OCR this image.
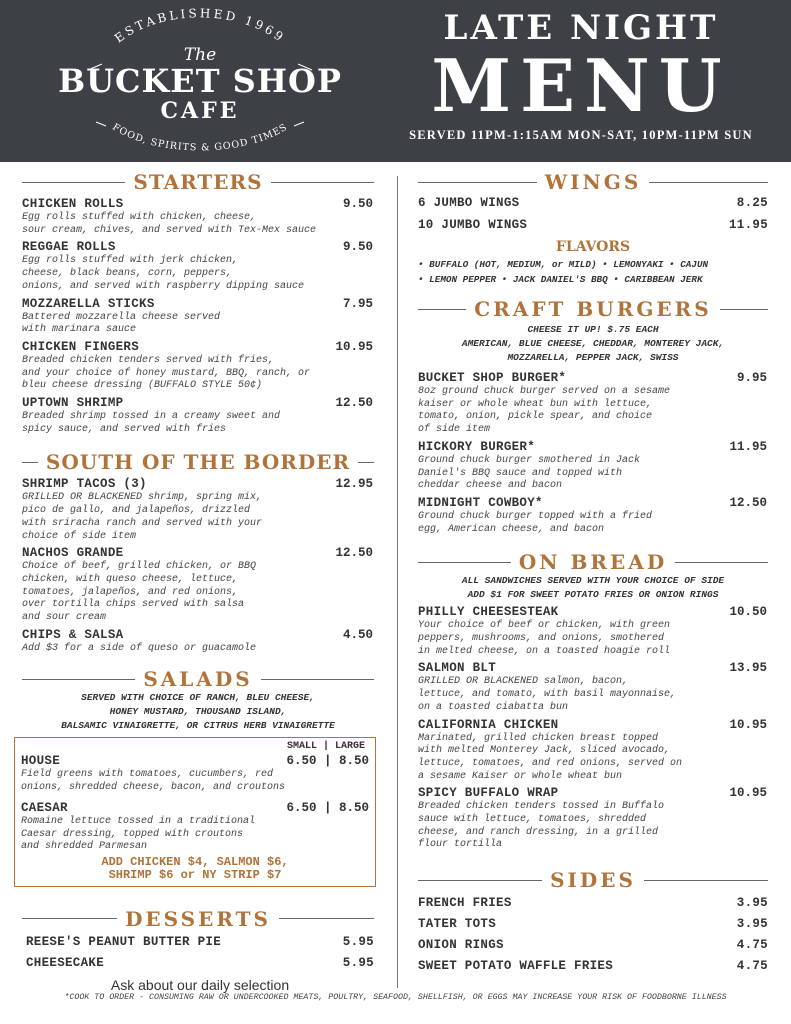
ESTABLISHED 1969
The
BUCKET SHOP
CAFE
FOOD, SPIRITS & GOOD TIMES
LATE NIGHT
MENU
SERVED 11PM-1:15AM MON-SAT, 10PM-11PM SUN
STARTERS
CHICKEN ROLLS	9.50
Egg rolls stuffed with chicken, cheese,
sour cream, chives, and served with Tex-Mex sauce
REGGAE ROLLS	9.50
Egg rolls stuffed with jerk chicken,
cheese, black beans, corn, peppers,
onions, and served with raspberry dipping sauce
MOZZARELLA STICKS	7.95
Battered mozzarella cheese served
with marinara sauce
CHICKEN FINGERS	10.95
Breaded chicken tenders served with fries,
and your choice of honey mustard, BBQ, ranch, or
bleu cheese dressing (BUFFALO STYLE 50¢)
UPTOWN SHRIMP	12.50
Breaded shrimp tossed in a creamy sweet and
spicy sauce, and served with fries
SOUTH OF THE BORDER
SHRIMP TACOS (3)	12.95
GRILLED OR BLACKENED shrimp, spring mix,
pico de gallo, and jalapeños, drizzled
with sriracha ranch and served with your
choice of side item
NACHOS GRANDE	12.50
Choice of beef, grilled chicken, or BBQ
chicken, with queso cheese, lettuce,
tomatoes, jalapeños, and red onions,
over tortilla chips served with salsa
and sour cream
CHIPS & SALSA	4.50
Add $3 for a side of queso or guacamole
SALADS
SERVED WITH CHOICE OF RANCH, BLEU CHEESE,
HONEY MUSTARD, THOUSAND ISLAND,
BALSAMIC VINAIGRETTE, OR CITRUS HERB VINAIGRETTE
SMALL | LARGE
HOUSE	6.50 | 8.50
Field greens with tomatoes, cucumbers, red
onions, shredded cheese, bacon, and croutons
CAESAR	6.50 | 8.50
Romaine lettuce tossed in a traditional
Caesar dressing, topped with croutons
and shredded Parmesan
ADD CHICKEN $4, SALMON $6,
SHRIMP $6 or NY STRIP $7
DESSERTS
REESE'S PEANUT BUTTER PIE	5.95
CHEESECAKE	5.95
Ask about our daily selection
WINGS
6 JUMBO WINGS	8.25
10 JUMBO WINGS	11.95
FLAVORS
• BUFFALO (HOT, MEDIUM, or MILD) • LEMONYAKI • CAJUN
• LEMON PEPPER • JACK DANIEL'S BBQ • CARIBBEAN JERK
CRAFT BURGERS
CHEESE IT UP! $.75 EACH
AMERICAN, BLUE CHEESE, CHEDDAR, MONTEREY JACK,
MOZZARELLA, PEPPER JACK, SWISS
BUCKET SHOP BURGER*	9.95
8oz ground chuck burger served on a sesame
kaiser or whole wheat bun with lettuce,
tomato, onion, pickle spear, and choice
of side item
HICKORY BURGER*	11.95
Ground chuck burger smothered in Jack
Daniel's BBQ sauce and topped with
cheddar cheese and bacon
MIDNIGHT COWBOY*	12.50
Ground chuck burger topped with a fried
egg, American cheese, and bacon
ON BREAD
ALL SANDWICHES SERVED WITH YOUR CHOICE OF SIDE
ADD $1 FOR SWEET POTATO FRIES OR ONION RINGS
PHILLY CHEESESTEAK	10.50
Your choice of beef or chicken, with green
peppers, mushrooms, and onions, smothered
in melted cheese, on a toasted hoagie roll
SALMON BLT	13.95
GRILLED OR BLACKENED salmon, bacon,
lettuce, and tomato, with basil mayonnaise,
on a toasted ciabatta bun
CALIFORNIA CHICKEN	10.95
Marinated, grilled chicken breast topped
with melted Monterey Jack, sliced avocado,
lettuce, tomatoes, and red onions, served on
a sesame Kaiser or whole wheat bun
SPICY BUFFALO WRAP	10.95
Breaded chicken tenders tossed in Buffalo
sauce with lettuce, tomatoes, shredded
cheese, and ranch dressing, in a grilled
flour tortilla
SIDES
FRENCH FRIES	3.95
TATER TOTS	3.95
ONION RINGS	4.75
SWEET POTATO WAFFLE FRIES	4.75
*COOK TO ORDER - CONSUMING RAW OR UNDERCOOKED MEATS, POULTRY, SEAFOOD, SHELLFISH, OR EGGS MAY INCREASE YOUR RISK OF FOODBORNE ILLNESS
